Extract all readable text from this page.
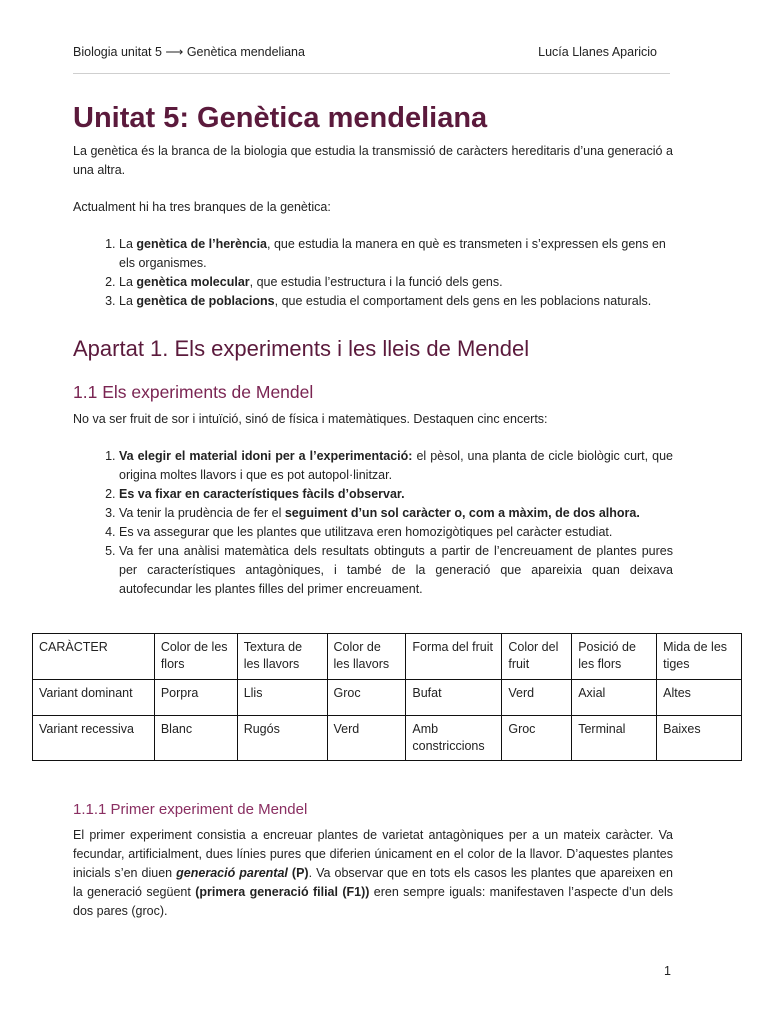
Biologia unitat 5 ⟶ Genètica mendeliana	Lucía Llanes Aparicio
Unitat 5: Genètica mendeliana

La genètica és la branca de la biologia que estudia la transmissió de caràcters hereditaris d’una generació a una altra.

Actualment hi ha tres branques de la genètica:

1. La genètica de l’herència, que estudia la manera en què es transmeten i s’expressen els gens en els organismes.
2. La genètica molecular, que estudia l’estructura i la funció dels gens.
3. La genètica de poblacions, que estudia el comportament dels gens en les poblacions naturals.
Apartat 1. Els experiments i les lleis de Mendel
1.1 Els experiments de Mendel

No va ser fruit de sor i intuïció, sinó de física i matemàtiques. Destaquen cinc encerts:

1. Va elegir el material idoni per a l’experimentació: el pèsol, una planta de cicle biològic curt, que origina moltes llavors i que es pot autopol·linitzar.
2. Es va fixar en característiques fàcils d’observar.
3. Va tenir la prudència de fer el seguiment d’un sol caràcter o, com a màxim, de dos alhora.
4. Es va assegurar que les plantes que utilitzava eren homozigòtiques pel caràcter estudiat.
5. Va fer una anàlisi matemàtica dels resultats obtinguts a partir de l’encreuament de plantes pures per característiques antagòniques, i també de la generació que apareixia quan deixava autofecundar les plantes filles del primer encreuament.
CARÀCTER	Color de les flors	Textura de les llavors	Color de les llavors	Forma del fruit	Color del fruit	Posició de les flors	Mida de les tiges
Variant dominant	Porpra	Llis	Groc	Bufat	Verd	Axial	Altes
Variant recessiva	Blanc	Rugós	Verd	Amb constriccions	Groc	Terminal	Baixes
1.1.1 Primer experiment de Mendel

El primer experiment consistia a encreuar plantes de varietat antagòniques per a un mateix caràcter. Va fecundar, artificialment, dues línies pures que diferien únicament en el color de la llavor. D’aquestes plantes inicials s’en diuen generació parental (P). Va observar que en tots els casos les plantes que apareixen en la generació següent (primera generació filial (F1)) eren sempre iguals: manifestaven l’aspecte d’un dels dos pares (groc).

1
